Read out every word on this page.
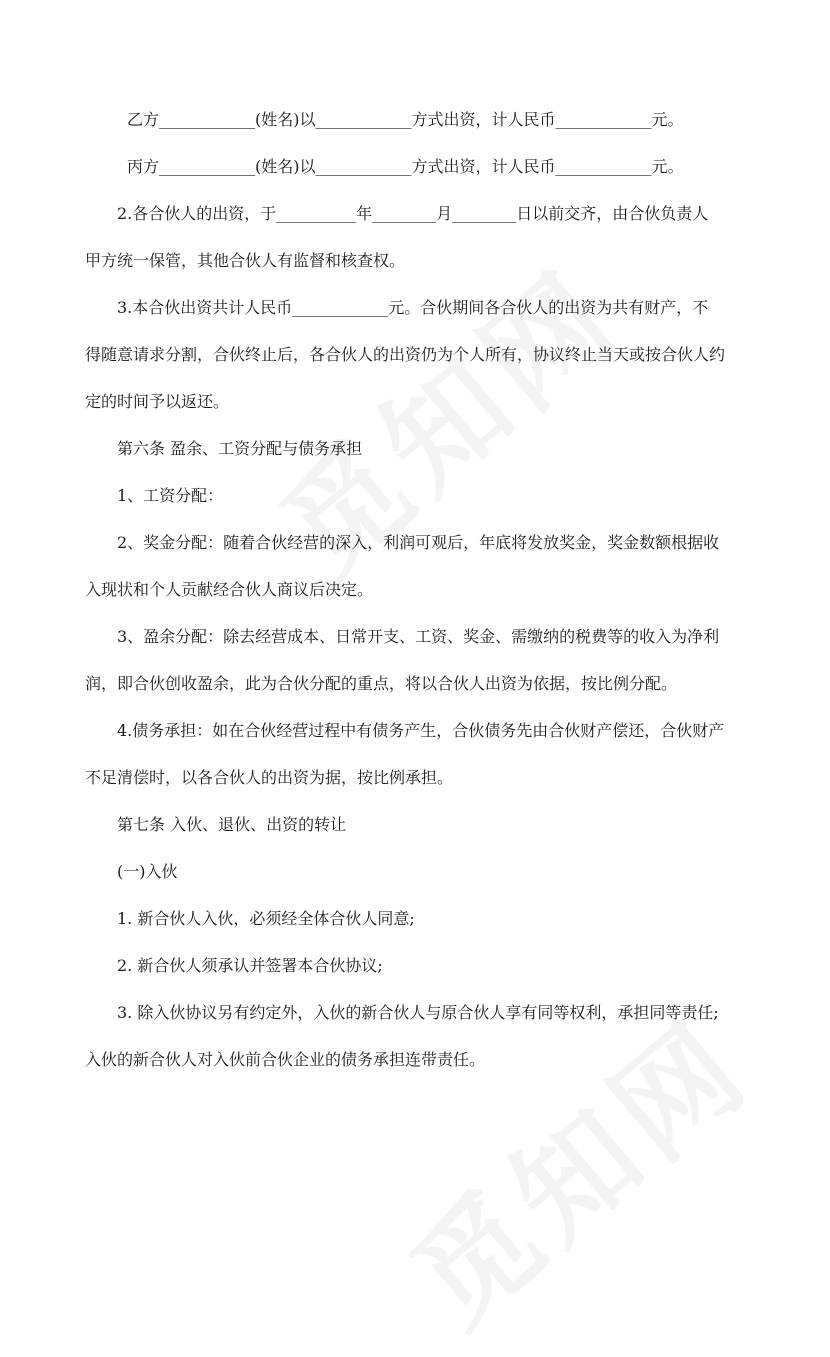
乙方____________(姓名)以____________方式出资，计人民币____________元。

丙方____________(姓名)以____________方式出资，计人民币____________元。

2.各合伙人的出资，于__________年________月________日以前交齐，由合伙负责人

甲方统一保管，其他合伙人有监督和核查权。

3.本合伙出资共计人民币____________元。合伙期间各合伙人的出资为共有财产，不

得随意请求分割，合伙终止后，各合伙人的出资仍为个人所有，协议终止当天或按合伙人约

定的时间予以返还。

第六条 盈余、工资分配与债务承担

1、工资分配：

2、奖金分配：随着合伙经营的深入，利润可观后，年底将发放奖金，奖金数额根据收

入现状和个人贡献经合伙人商议后决定。

3、盈余分配：除去经营成本、日常开支、工资、奖金、需缴纳的税费等的收入为净利

润，即合伙创收盈余，此为合伙分配的重点，将以合伙人出资为依据，按比例分配。

4.债务承担：如在合伙经营过程中有债务产生，合伙债务先由合伙财产偿还，合伙财产

不足清偿时，以各合伙人的出资为据，按比例承担。

第七条 入伙、退伙、出资的转让

(一)入伙

1. 新合伙人入伙，必须经全体合伙人同意;

2. 新合伙人须承认并签署本合伙协议;

3. 除入伙协议另有约定外，入伙的新合伙人与原合伙人享有同等权利，承担同等责任;

入伙的新合伙人对入伙前合伙企业的债务承担连带责任。
